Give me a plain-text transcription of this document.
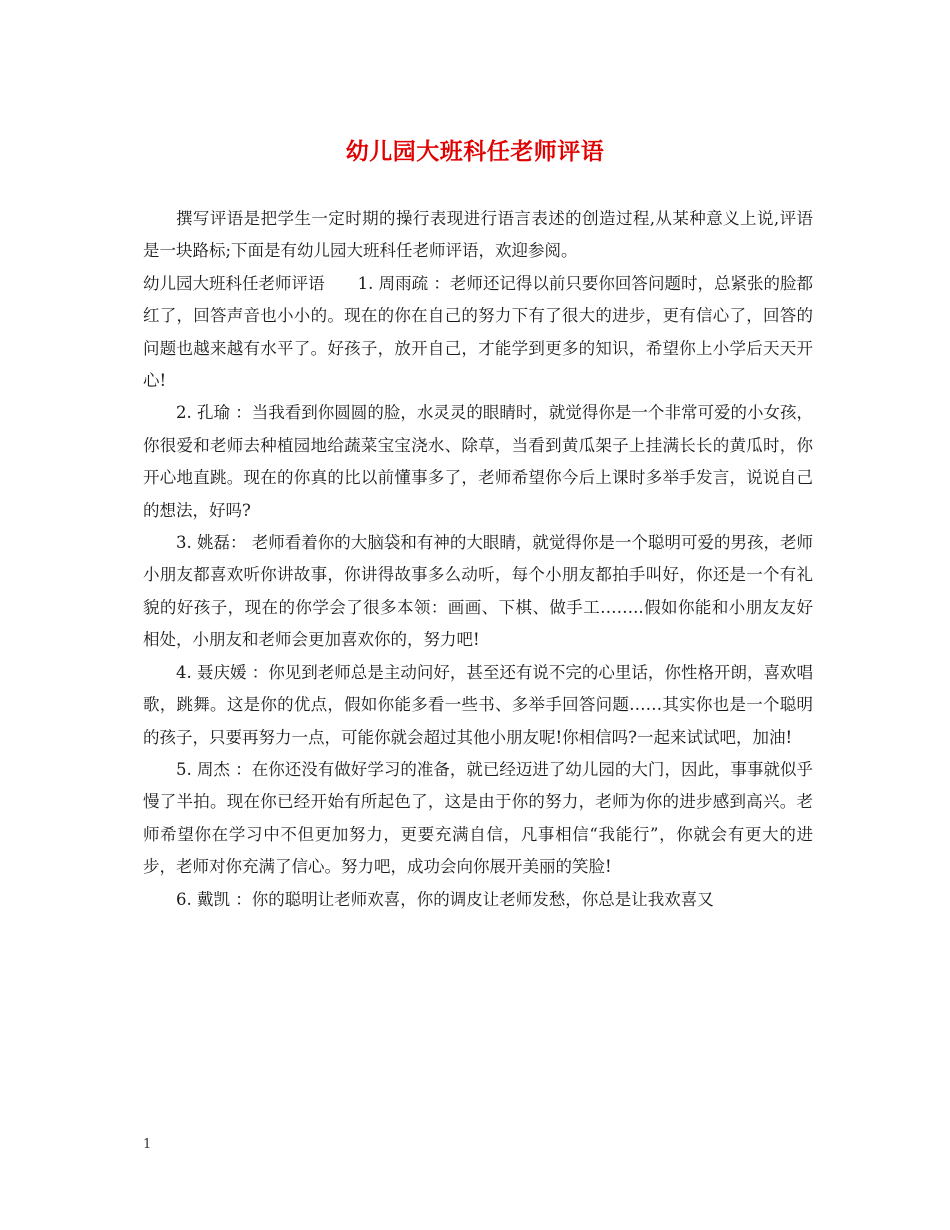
幼儿园大班科任老师评语

撰写评语是把学生一定时期的操行表现进行语言表述的创造过程,从某种意义上说,评语是一块路标;下面是有幼儿园大班科任老师评语，欢迎参阅。

幼儿园大班科任老师评语　　1. 周雨疏 ：老师还记得以前只要你回答问题时，总紧张的脸都红了，回答声音也小小的。现在的你在自己的努力下有了很大的进步，更有信心了，回答的问题也越来越有水平了。好孩子，放开自己，才能学到更多的知识，希望你上小学后天天开心!

2. 孔瑜 ：当我看到你圆圆的脸，水灵灵的眼睛时，就觉得你是一个非常可爱的小女孩，你很爱和老师去种植园地给蔬菜宝宝浇水、除草，当看到黄瓜架子上挂满长长的黄瓜时，你开心地直跳。现在的你真的比以前懂事多了，老师希望你今后上课时多举手发言，说说自己的想法，好吗?

3. 姚磊： 老师看着你的大脑袋和有神的大眼睛，就觉得你是一个聪明可爱的男孩，老师小朋友都喜欢听你讲故事，你讲得故事多么动听，每个小朋友都拍手叫好，你还是一个有礼貌的好孩子，现在的你学会了很多本领：画画、下棋、做手工……..假如你能和小朋友友好相处，小朋友和老师会更加喜欢你的，努力吧!

4. 聂庆媛 ：你见到老师总是主动问好，甚至还有说不完的心里话，你性格开朗，喜欢唱歌，跳舞。这是你的优点，假如你能多看一些书、多举手回答问题……其实你也是一个聪明的孩子，只要再努力一点，可能你就会超过其他小朋友呢!你相信吗?一起来试试吧，加油!

5. 周杰 ：在你还没有做好学习的准备，就已经迈进了幼儿园的大门，因此，事事就似乎慢了半拍。现在你已经开始有所起色了，这是由于你的努力，老师为你的进步感到高兴。老师希望你在学习中不但更加努力，更要充满自信，凡事相信“我能行”，你就会有更大的进步，老师对你充满了信心。努力吧，成功会向你展开美丽的笑脸!

6. 戴凯 ：你的聪明让老师欢喜，你的调皮让老师发愁，你总是让我欢喜又

1
